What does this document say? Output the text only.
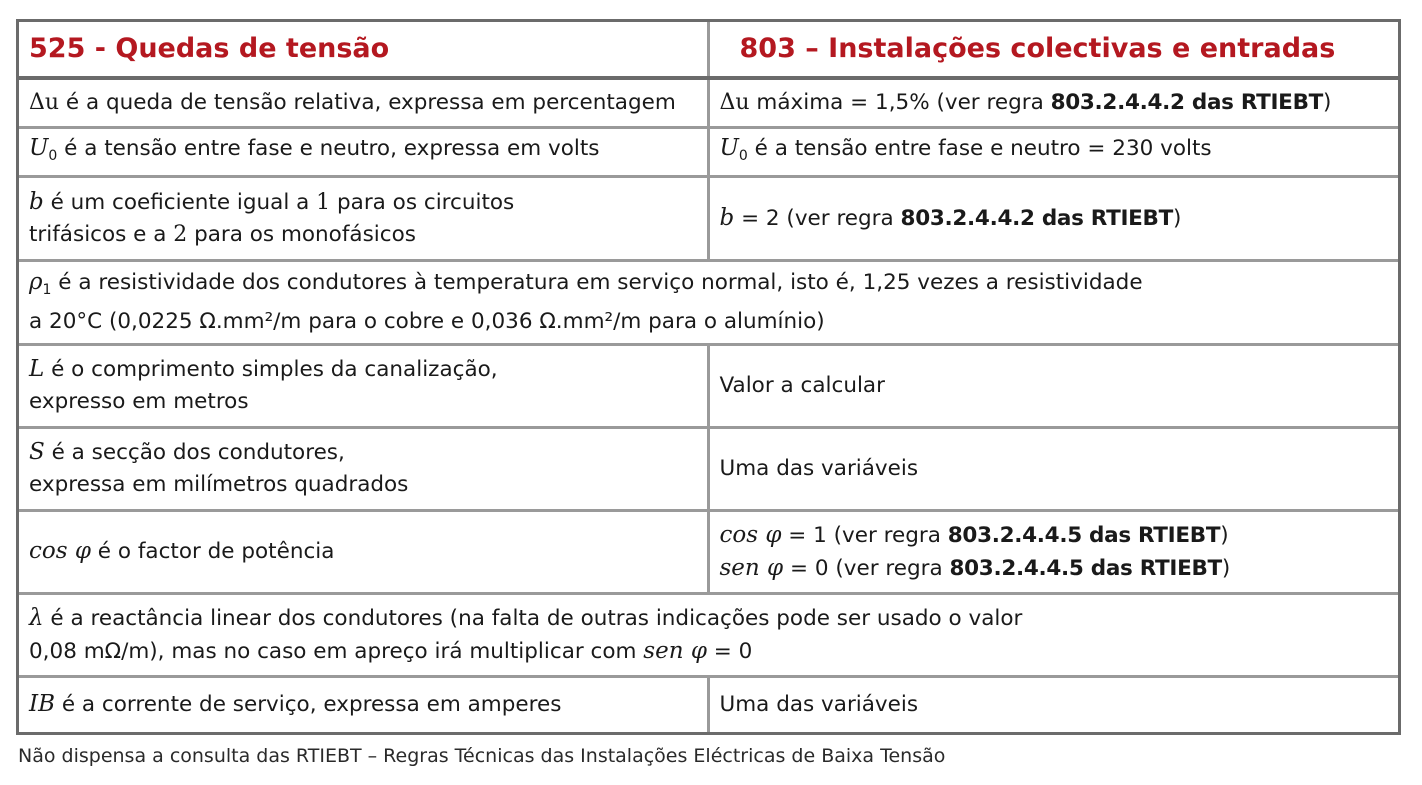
525 - Quedas de tensão	803 – Instalações colectivas e entradas
Δu é a queda de tensão relativa, expressa em percentagem	Δu máxima = 1,5% (ver regra 803.2.4.4.2 das RTIEBT)
$U_0$ é a tensão entre fase e neutro, expressa em volts	$U_0$ é a tensão entre fase e neutro = 230 volts

b é um coeficiente igual a 1 para os circuitos
trifásicos e a 2 para os monofásicos	b = 2 (ver regra 803.2.4.4.2 das RTIEBT)

$\rho_1$ é a resistividade dos condutores à temperatura em serviço normal, isto é, 1,25 vezes a resistividade
a 20°C (0,0225 Ω.mm²/m para o cobre e 0,036 Ω.mm²/m para o alumínio)	

L é o comprimento simples da canalização,
expresso em metros	Valor a calcular

S é a secção dos condutores,
expressa em milímetros quadrados	Uma das variáveis
cos φ é o factor de potência	cos φ = 1 (ver regra 803.2.4.4.5 das RTIEBT)
sen φ = 0 (ver regra 803.2.4.4.5 das RTIEBT)

λ é a reactância linear dos condutores (na falta de outras indicações pode ser usado o valor
0,08 mΩ/m), mas no caso em apreço irá multiplicar com sen φ = 0	

IB é a corrente de serviço, expressa em amperes	Uma das variáveis
Não dispensa a consulta das RTIEBT – Regras Técnicas das Instalações Eléctricas de Baixa Tensão
